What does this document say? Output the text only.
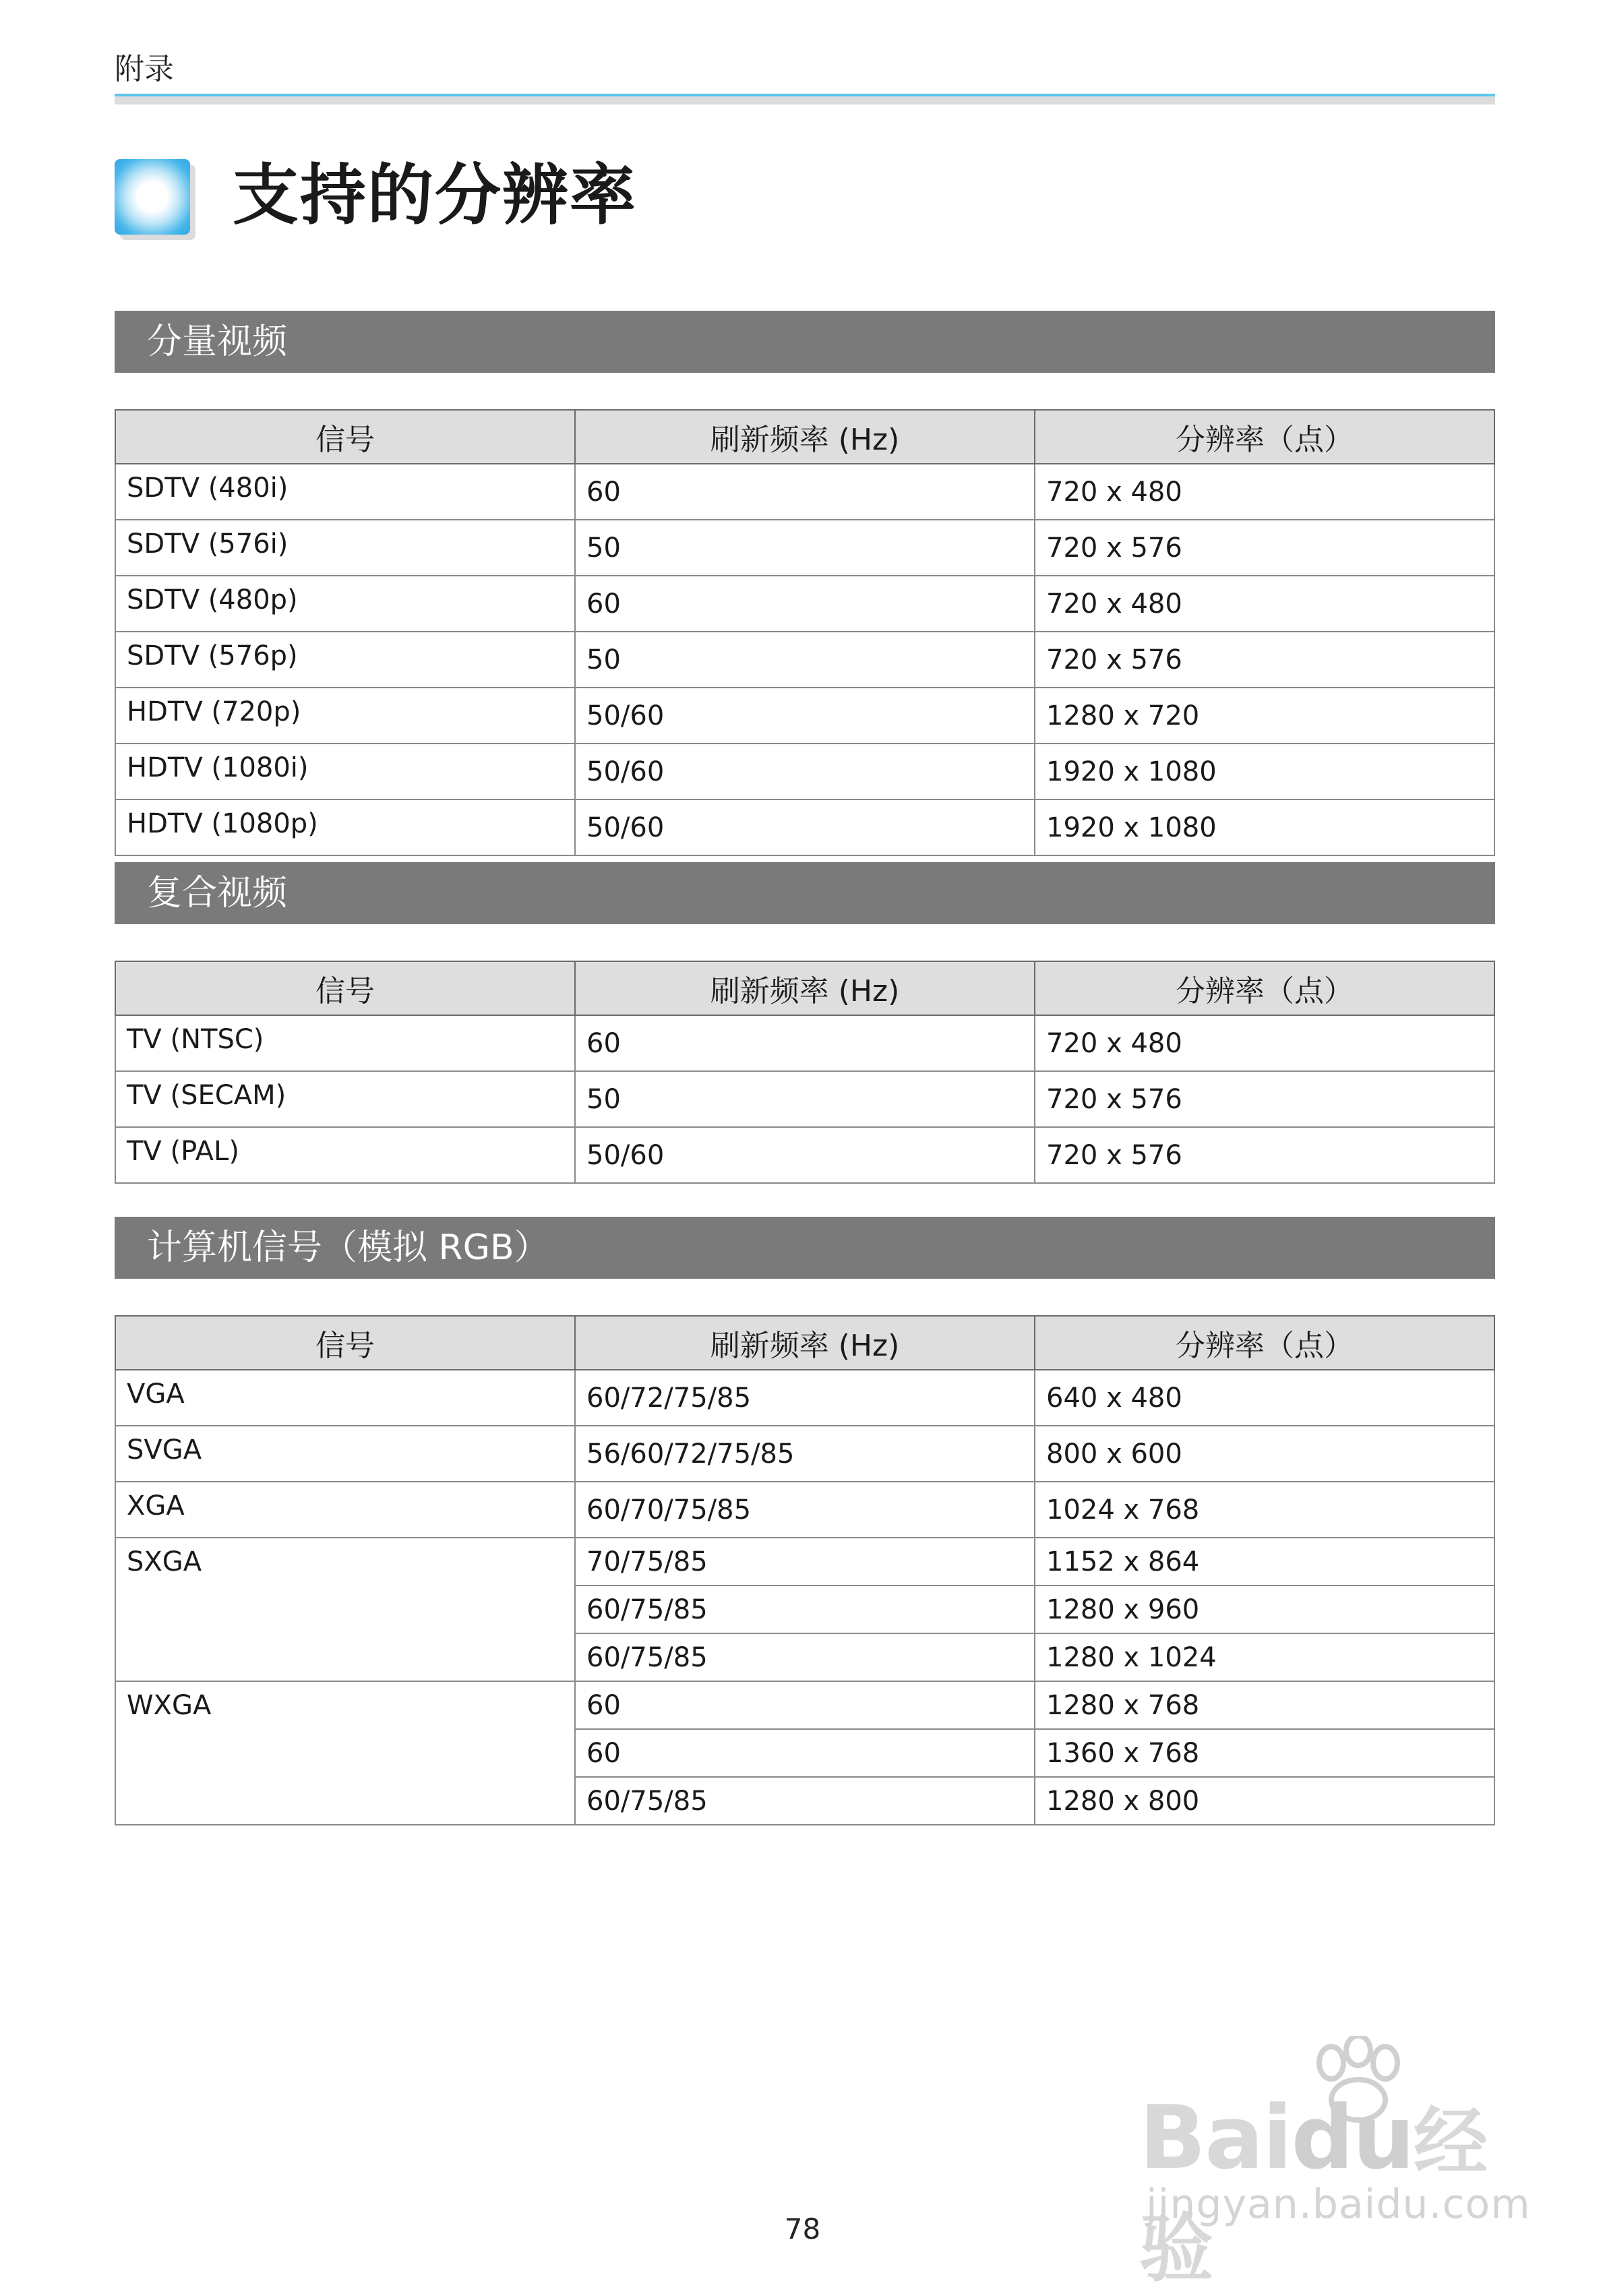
附录
支持的分辨率
分量视频
信号	刷新频率 (Hz)	分辨率（点）
SDTV (480i)	60	720 x 480
SDTV (576i)	50	720 x 576
SDTV (480p)	60	720 x 480
SDTV (576p)	50	720 x 576
HDTV (720p)	50/60	1280 x 720
HDTV (1080i)	50/60	1920 x 1080
HDTV (1080p)	50/60	1920 x 1080
复合视频
信号	刷新频率 (Hz)	分辨率（点）
TV (NTSC)	60	720 x 480
TV (SECAM)	50	720 x 576
TV (PAL)	50/60	720 x 576
计算机信号（模拟 RGB）
信号	刷新频率 (Hz)	分辨率（点）
VGA	60/72/75/85	640 x 480
SVGA	56/60/72/75/85	800 x 600
XGA	60/70/75/85	1024 x 768
SXGA	70/75/85	1152 x 864
	60/75/85	1280 x 960
	60/75/85	1280 x 1024
WXGA	60	1280 x 768
	60	1360 x 768
	60/75/85	1280 x 800
Baidu经验
jingyan.baidu.com
78
